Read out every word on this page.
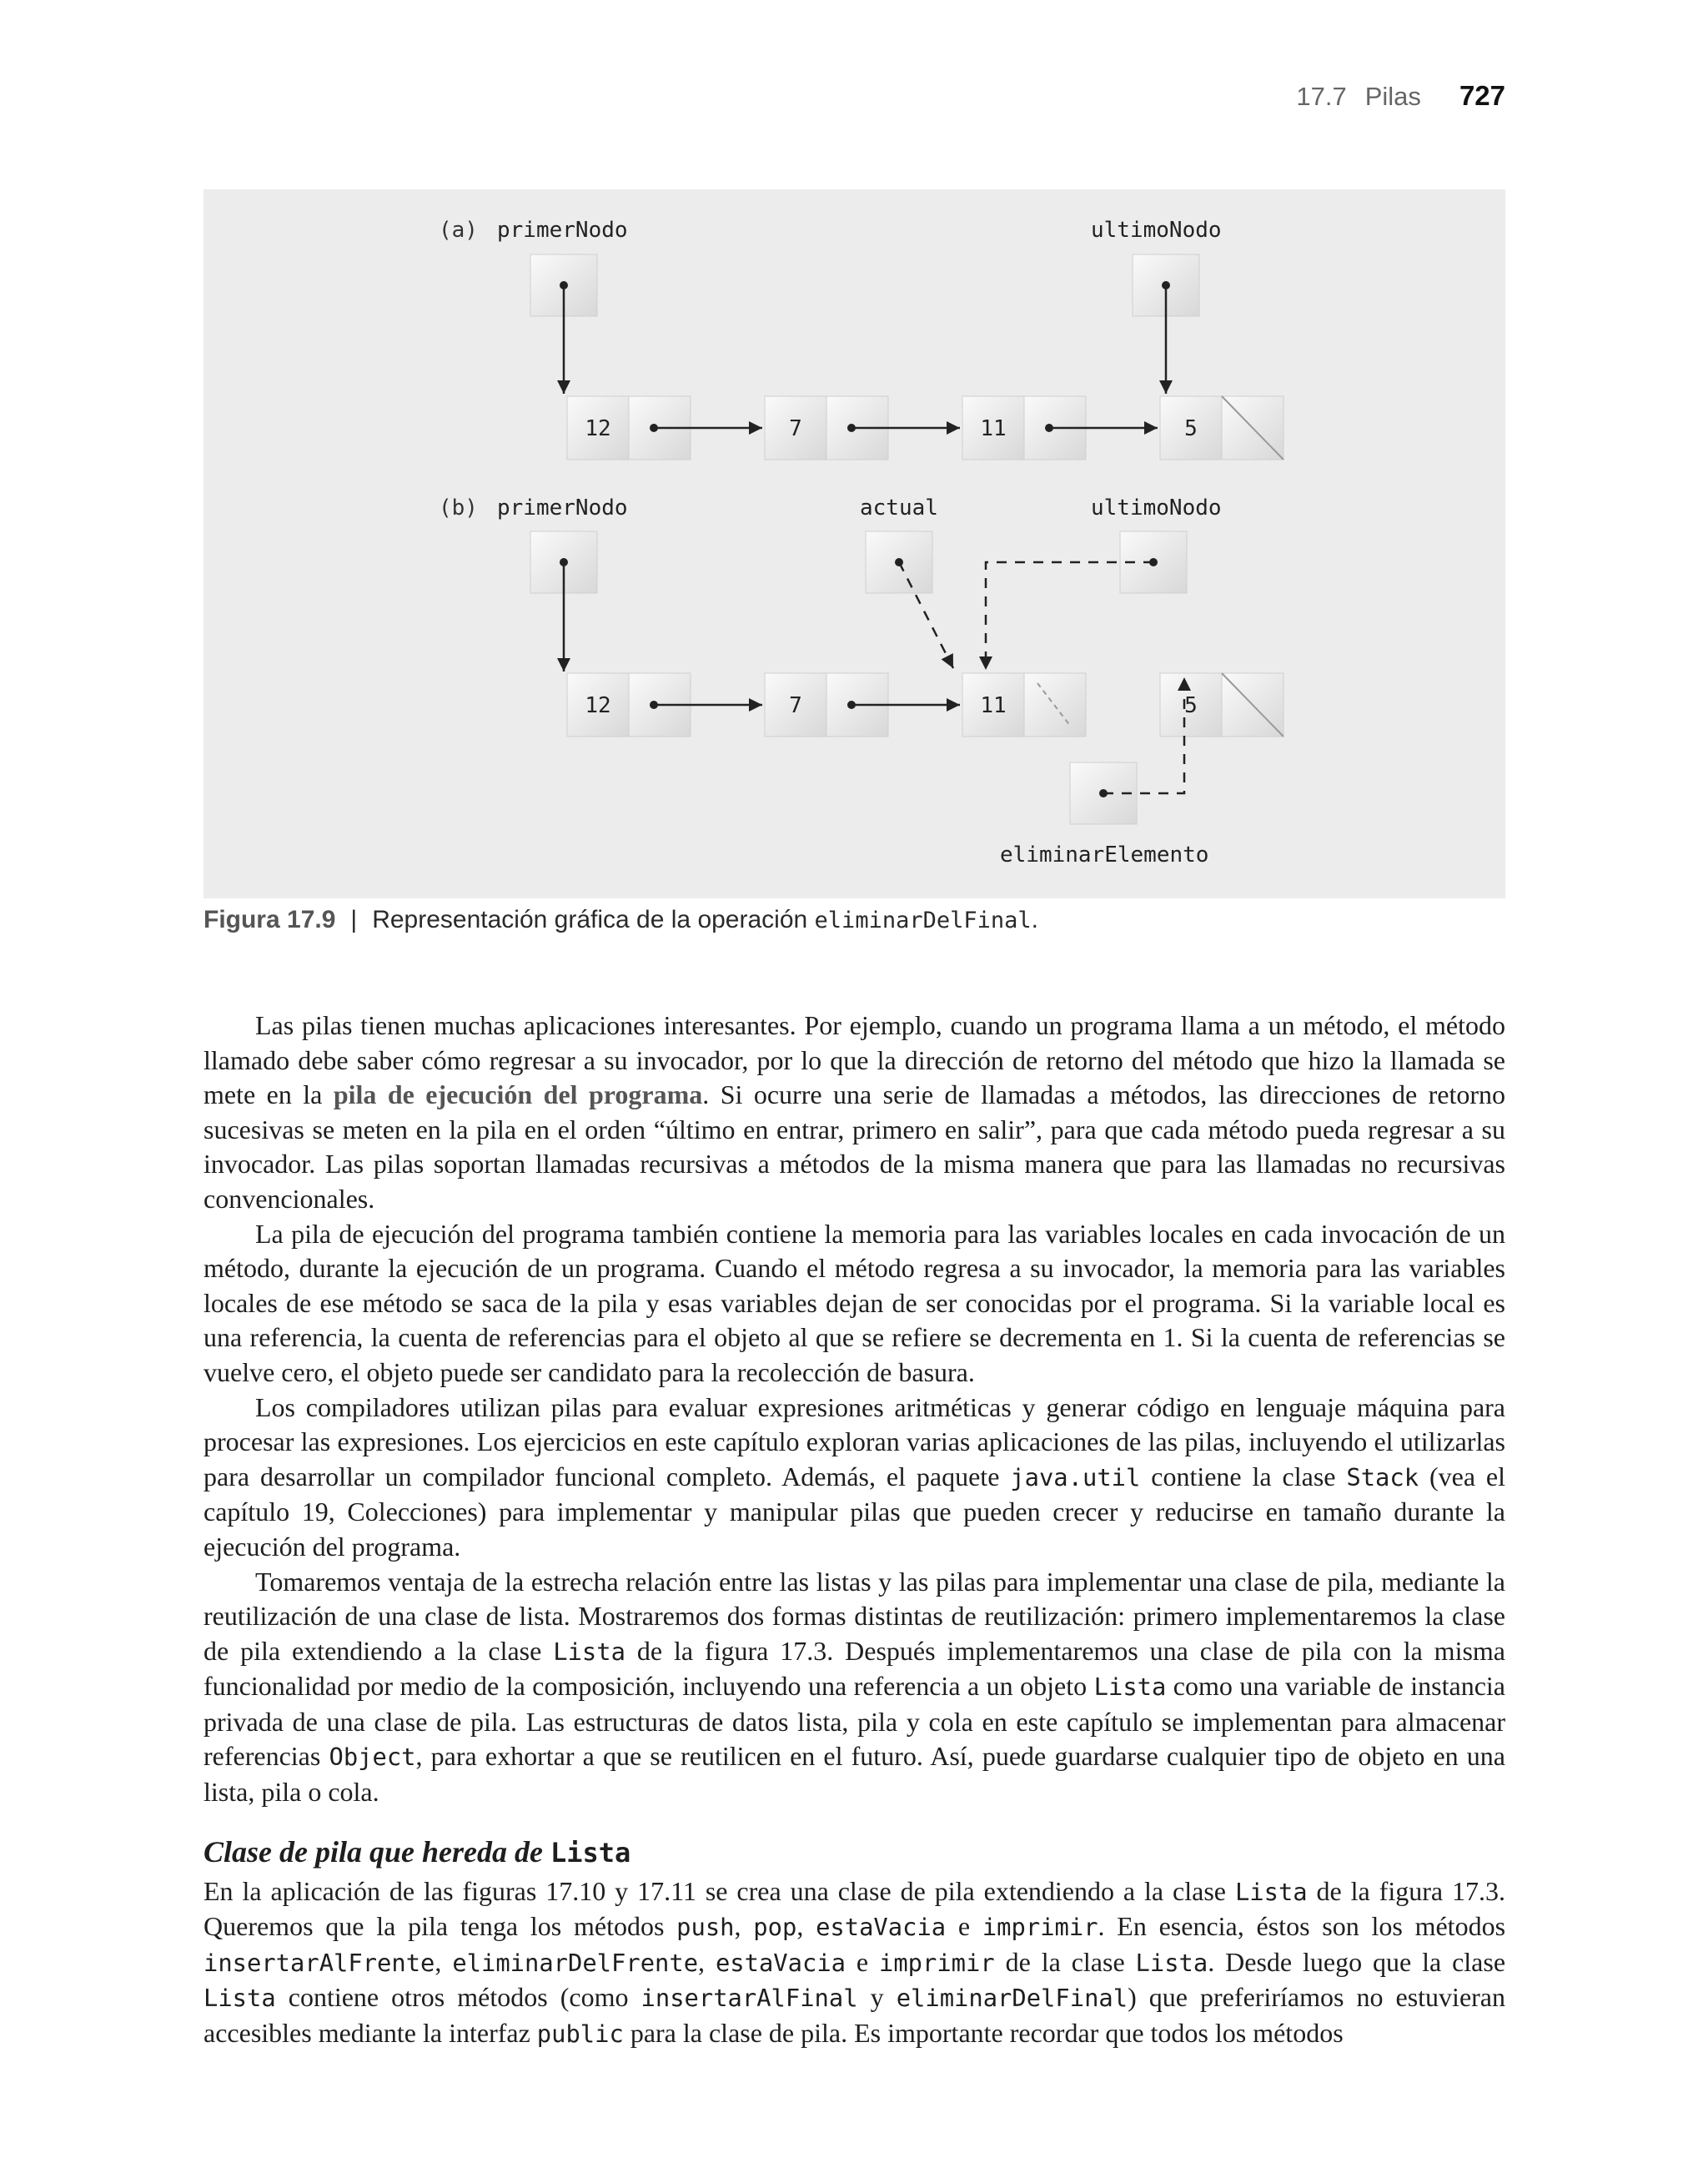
17.7 Pilas 727
(a) primerNodo	ultimoNodo
12	7	11	5
(b) primerNodo	actual	ultimoNodo
12	7	11	5
eliminarElemento
Figura 17.9 | Representación gráfica de la operación eliminarDelFinal.

Las pilas tienen muchas aplicaciones interesantes. Por ejemplo, cuando un programa llama a un método, el método llamado debe saber cómo regresar a su invocador, por lo que la dirección de retorno del método que hizo la llamada se mete en la pila de ejecución del programa. Si ocurre una serie de llamadas a métodos, las direcciones de retorno sucesivas se meten en la pila en el orden “último en entrar, primero en salir”, para que cada método pueda regresar a su invocador. Las pilas soportan llamadas recursivas a métodos de la misma manera que para las llamadas no recursivas convencionales.

La pila de ejecución del programa también contiene la memoria para las variables locales en cada invocación de un método, durante la ejecución de un programa. Cuando el método regresa a su invocador, la memoria para las variables locales de ese método se saca de la pila y esas variables dejan de ser conocidas por el programa. Si la variable local es una referencia, la cuenta de referencias para el objeto al que se refiere se decrementa en 1. Si la cuenta de referencias se vuelve cero, el objeto puede ser candidato para la recolección de basura.

Los compiladores utilizan pilas para evaluar expresiones aritméticas y generar código en lenguaje máquina para procesar las expresiones. Los ejercicios en este capítulo exploran varias aplicaciones de las pilas, incluyendo el utilizarlas para desarrollar un compilador funcional completo. Además, el paquete java.util contiene la clase Stack (vea el capítulo 19, Colecciones) para implementar y manipular pilas que pueden crecer y reducirse en tamaño durante la ejecución del programa.

Tomaremos ventaja de la estrecha relación entre las listas y las pilas para implementar una clase de pila, mediante la reutilización de una clase de lista. Mostraremos dos formas distintas de reutilización: primero implementaremos la clase de pila extendiendo a la clase Lista de la figura 17.3. Después implementaremos una clase de pila con la misma funcionalidad por medio de la composición, incluyendo una referencia a un objeto Lista como una variable de instancia privada de una clase de pila. Las estructuras de datos lista, pila y cola en este capítulo se implementan para almacenar referencias Object, para exhortar a que se reutilicen en el futuro. Así, puede guardarse cualquier tipo de objeto en una lista, pila o cola.

Clase de pila que hereda de Lista

En la aplicación de las figuras 17.10 y 17.11 se crea una clase de pila extendiendo a la clase Lista de la figura 17.3. Queremos que la pila tenga los métodos push, pop, estaVacia e imprimir. En esencia, éstos son los métodos insertarAlFrente, eliminarDelFrente, estaVacia e imprimir de la clase Lista. Desde luego que la clase Lista contiene otros métodos (como insertarAlFinal y eliminarDelFinal) que preferiríamos no estuvieran accesibles mediante la interfaz public para la clase de pila. Es importante recordar que todos los métodos
